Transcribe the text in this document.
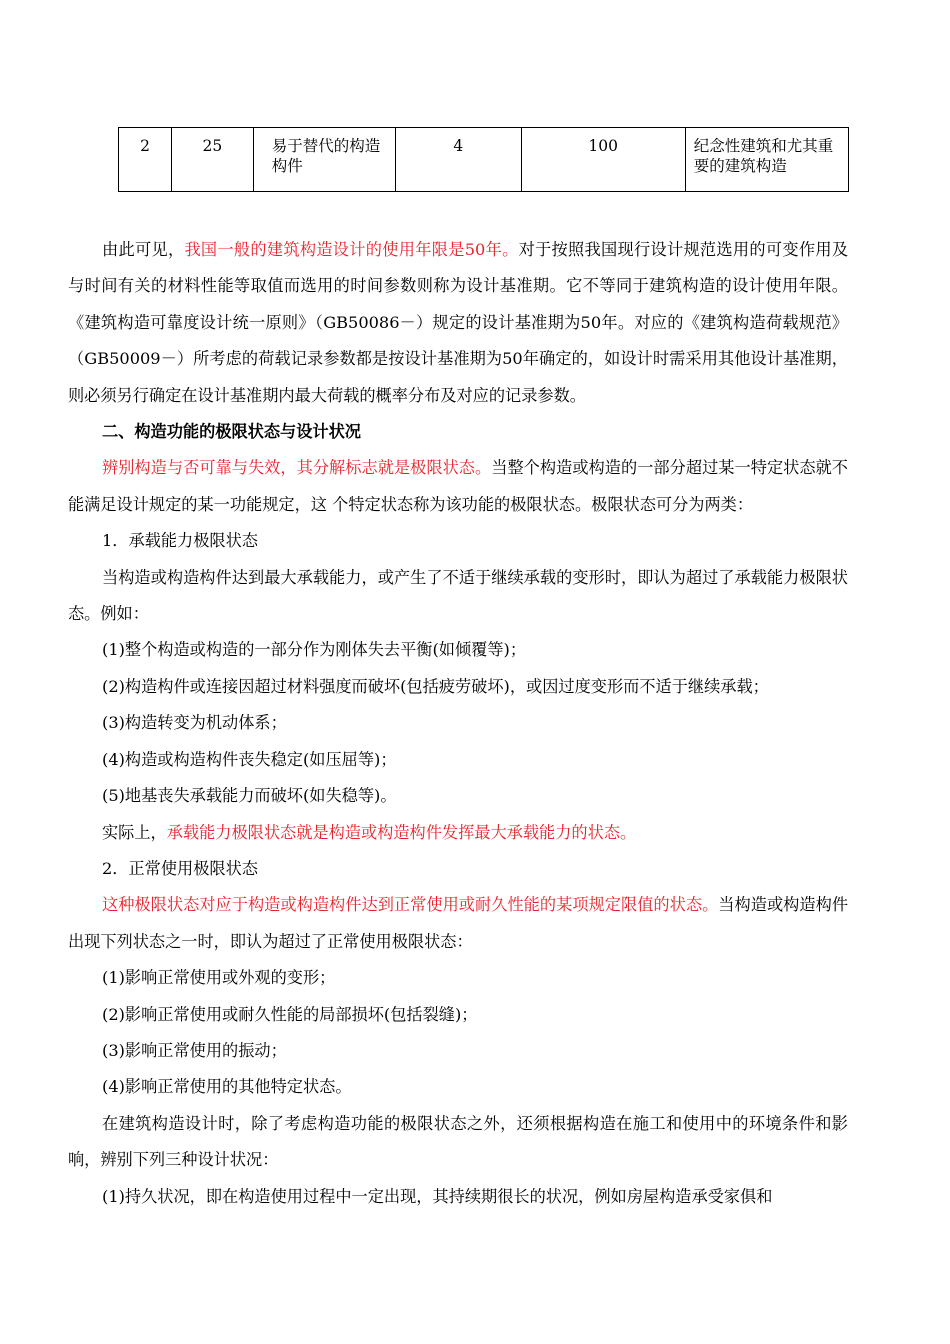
2	25	易于替代的构造构件	4	100	纪念性建筑和尤其重要的建筑构造

由此可见，我国一般的建筑构造设计的使用年限是50年。对于按照我国现行设计规范选用的可变作用及与时间有关的材料性能等取值而选用的时间参数则称为设计基准期。它不等同于建筑构造的设计使用年限。《建筑构造可靠度设计统一原则》（GB50086－）规定的设计基准期为50年。对应的《建筑构造荷载规范》（GB50009－）所考虑的荷载记录参数都是按设计基准期为50年确定的，如设计时需采用其他设计基准期，则必须另行确定在设计基准期内最大荷载的概率分布及对应的记录参数。

二、构造功能的极限状态与设计状况

辨别构造与否可靠与失效，其分解标志就是极限状态。当整个构造或构造的一部分超过某一特定状态就不能满足设计规定的某一功能规定，这 个特定状态称为该功能的极限状态。极限状态可分为两类：

1．承载能力极限状态

当构造或构造构件达到最大承载能力，或产生了不适于继续承载的变形时，即认为超过了承载能力极限状态。例如：

(1)整个构造或构造的一部分作为刚体失去平衡(如倾覆等)；

(2)构造构件或连接因超过材料强度而破坏(包括疲劳破坏)，或因过度变形而不适于继续承载；

(3)构造转变为机动体系；

(4)构造或构造构件丧失稳定(如压屈等)；

(5)地基丧失承载能力而破坏(如失稳等)。

实际上，承载能力极限状态就是构造或构造构件发挥最大承载能力的状态。

2．正常使用极限状态

这种极限状态对应于构造或构造构件达到正常使用或耐久性能的某项规定限值的状态。当构造或构造构件出现下列状态之一时，即认为超过了正常使用极限状态：

(1)影响正常使用或外观的变形；

(2)影响正常使用或耐久性能的局部损坏(包括裂缝)；

(3)影响正常使用的振动；

(4)影响正常使用的其他特定状态。

在建筑构造设计时，除了考虑构造功能的极限状态之外，还须根据构造在施工和使用中的环境条件和影响，辨别下列三种设计状况：

(1)持久状况，即在构造使用过程中一定出现，其持续期很长的状况，例如房屋构造承受家俱和
